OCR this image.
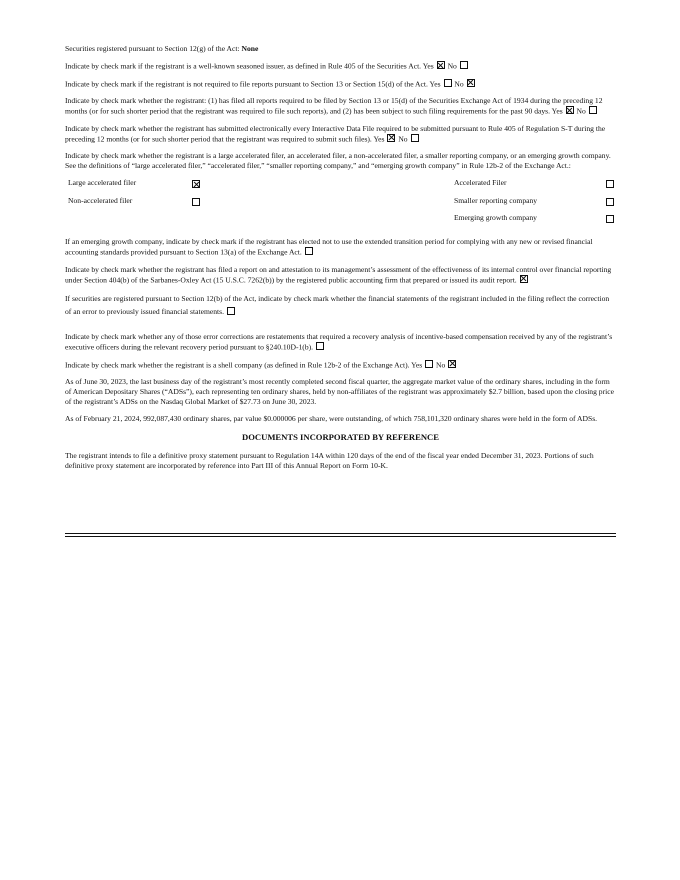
Securities registered pursuant to Section 12(g) of the Act: None

Indicate by check mark if the registrant is a well-known seasoned issuer, as defined in Rule 405 of the Securities Act. Yes No

Indicate by check mark if the registrant is not required to file reports pursuant to Section 13 or Section 15(d) of the Act. Yes No

Indicate by check mark whether the registrant: (1) has filed all reports required to be filed by Section 13 or 15(d) of the Securities Exchange Act of 1934 during the preceding 12 months (or for such shorter period that the registrant was required to file such reports), and (2) has been subject to such filing requirements for the past 90 days. Yes No

Indicate by check mark whether the registrant has submitted electronically every Interactive Data File required to be submitted pursuant to Rule 405 of Regulation S-T during the preceding 12 months (or for such shorter period that the registrant was required to submit such files). Yes No

Indicate by check mark whether the registrant is a large accelerated filer, an accelerated filer, a non-accelerated filer, a smaller reporting company, or an emerging growth company. See the definitions of “large accelerated filer,” “accelerated filer,” “smaller reporting company,” and “emerging growth company” in Rule 12b-2 of the Exchange Act.:

Large accelerated filer
Non-accelerated filer
Accelerated Filer
Smaller reporting company
Emerging growth company

If an emerging growth company, indicate by check mark if the registrant has elected not to use the extended transition period for complying with any new or revised financial accounting standards provided pursuant to Section 13(a) of the Exchange Act.

Indicate by check mark whether the registrant has filed a report on and attestation to its management’s assessment of the effectiveness of its internal control over financial reporting under Section 404(b) of the Sarbanes-Oxley Act (15 U.S.C. 7262(b)) by the registered public accounting firm that prepared or issued its audit report.

If securities are registered pursuant to Section 12(b) of the Act, indicate by check mark whether the financial statements of the registrant included in the filing reflect the correction of an error to previously issued financial statements.

Indicate by check mark whether any of those error corrections are restatements that required a recovery analysis of incentive-based compensation received by any of the registrant’s executive officers during the relevant recovery period pursuant to §240.10D-1(b).

Indicate by check mark whether the registrant is a shell company (as defined in Rule 12b-2 of the Exchange Act). Yes No

As of June 30, 2023, the last business day of the registrant’s most recently completed second fiscal quarter, the aggregate market value of the ordinary shares, including in the form of American Depositary Shares (“ADSs”), each representing ten ordinary shares, held by non-affiliates of the registrant was approximately $2.7 billion, based upon the closing price of the registrant’s ADSs on the Nasdaq Global Market of $27.73 on June 30, 2023.

As of February 21, 2024, 992,087,430 ordinary shares, par value $0.000006 per share, were outstanding, of which 758,101,320 ordinary shares were held in the form of ADSs.

DOCUMENTS INCORPORATED BY REFERENCE

The registrant intends to file a definitive proxy statement pursuant to Regulation 14A within 120 days of the end of the fiscal year ended December 31, 2023. Portions of such definitive proxy statement are incorporated by reference into Part III of this Annual Report on Form 10-K.
